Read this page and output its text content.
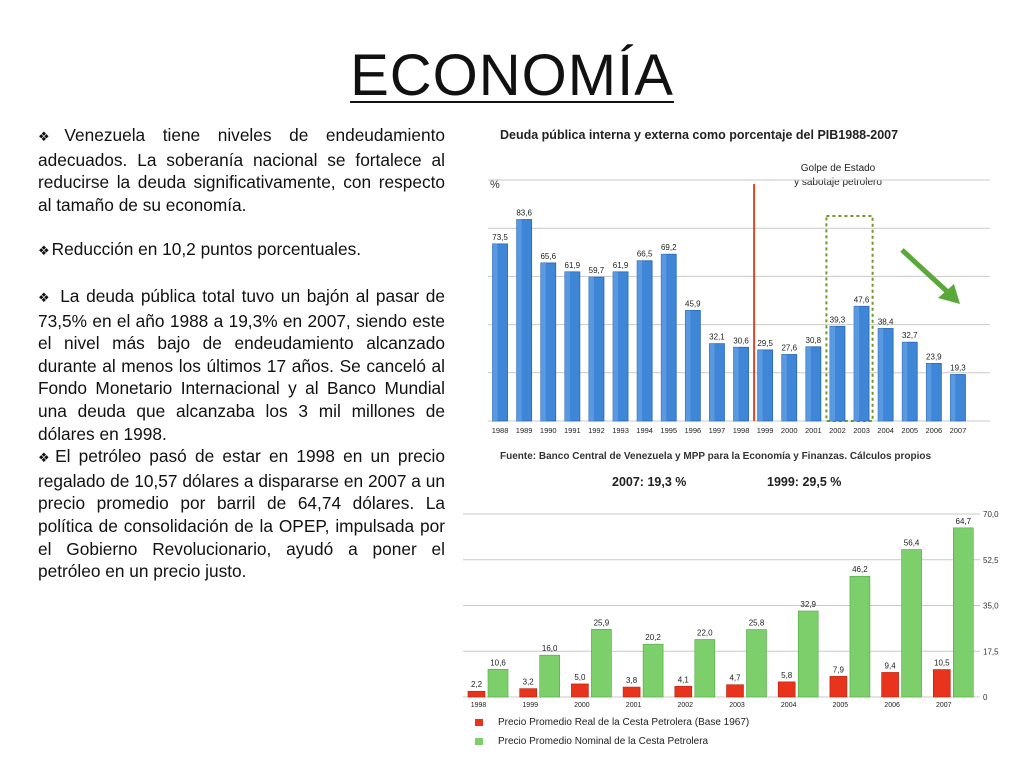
ECONOMÍA

❖ Venezuela tiene niveles de endeudamiento adecuados. La soberanía nacional se fortalece al reducirse la deuda significativamente, con respecto al tamaño de su economía.

❖ Reducción en 10,2 puntos porcentuales.

❖ La deuda pública total tuvo un bajón al pasar de 73,5% en el año 1988 a 19,3% en 2007, siendo este el nivel más bajo de endeudamiento alcanzado durante al menos los últimos 17 años. Se canceló al Fondo Monetario Internacional y al Banco Mundial una deuda que alcanzaba los 3 mil millones de dólares en 1998.

❖ El petróleo pasó de estar en 1998 en un precio regalado de 10,57 dólares a dispararse en 2007 a un precio promedio por barril de 64,74 dólares. La política de consolidación de la OPEP, impulsada por el Gobierno Revolucionario, ayudó a poner el petróleo en un precio justo.

Deuda pública interna y externa como porcentaje del PIB1988-2007
%
Golpe de Estado
y sabotaje petrolero
73,5
1988
83,6
1989
65,6
1990
61,9
1991
59,7
1992
61,9
1993
66,5
1994
69,2
1995
45,9
1996
32,1
1997
30,6
1998
29,5
1999
27,6
2000
30,8
2001
39,3
2002
47,6
2003
38,4
2004
32,7
2005
23,9
2006
19,3
2007
Fuente: Banco Central de Venezuela y MPP para la Economía y Finanzas. Cálculos propios
2007: 19,3 %	1999: 29,5 %
0
17,5
35,0
52,5
70,0
2,2
10,6
1998
3,2
16,0
1999
5,0
25,9
2000
3,8
20,2
2001
4,1
22,0
2002
4,7
25,8
2003
5,8
32,9
2004
7,9
46,2
2005
9,4
56,4
2006
10,5
64,7
2007
Precio Promedio Real de la Cesta Petrolera (Base 1967)
Precio Promedio Nominal de la Cesta Petrolera
